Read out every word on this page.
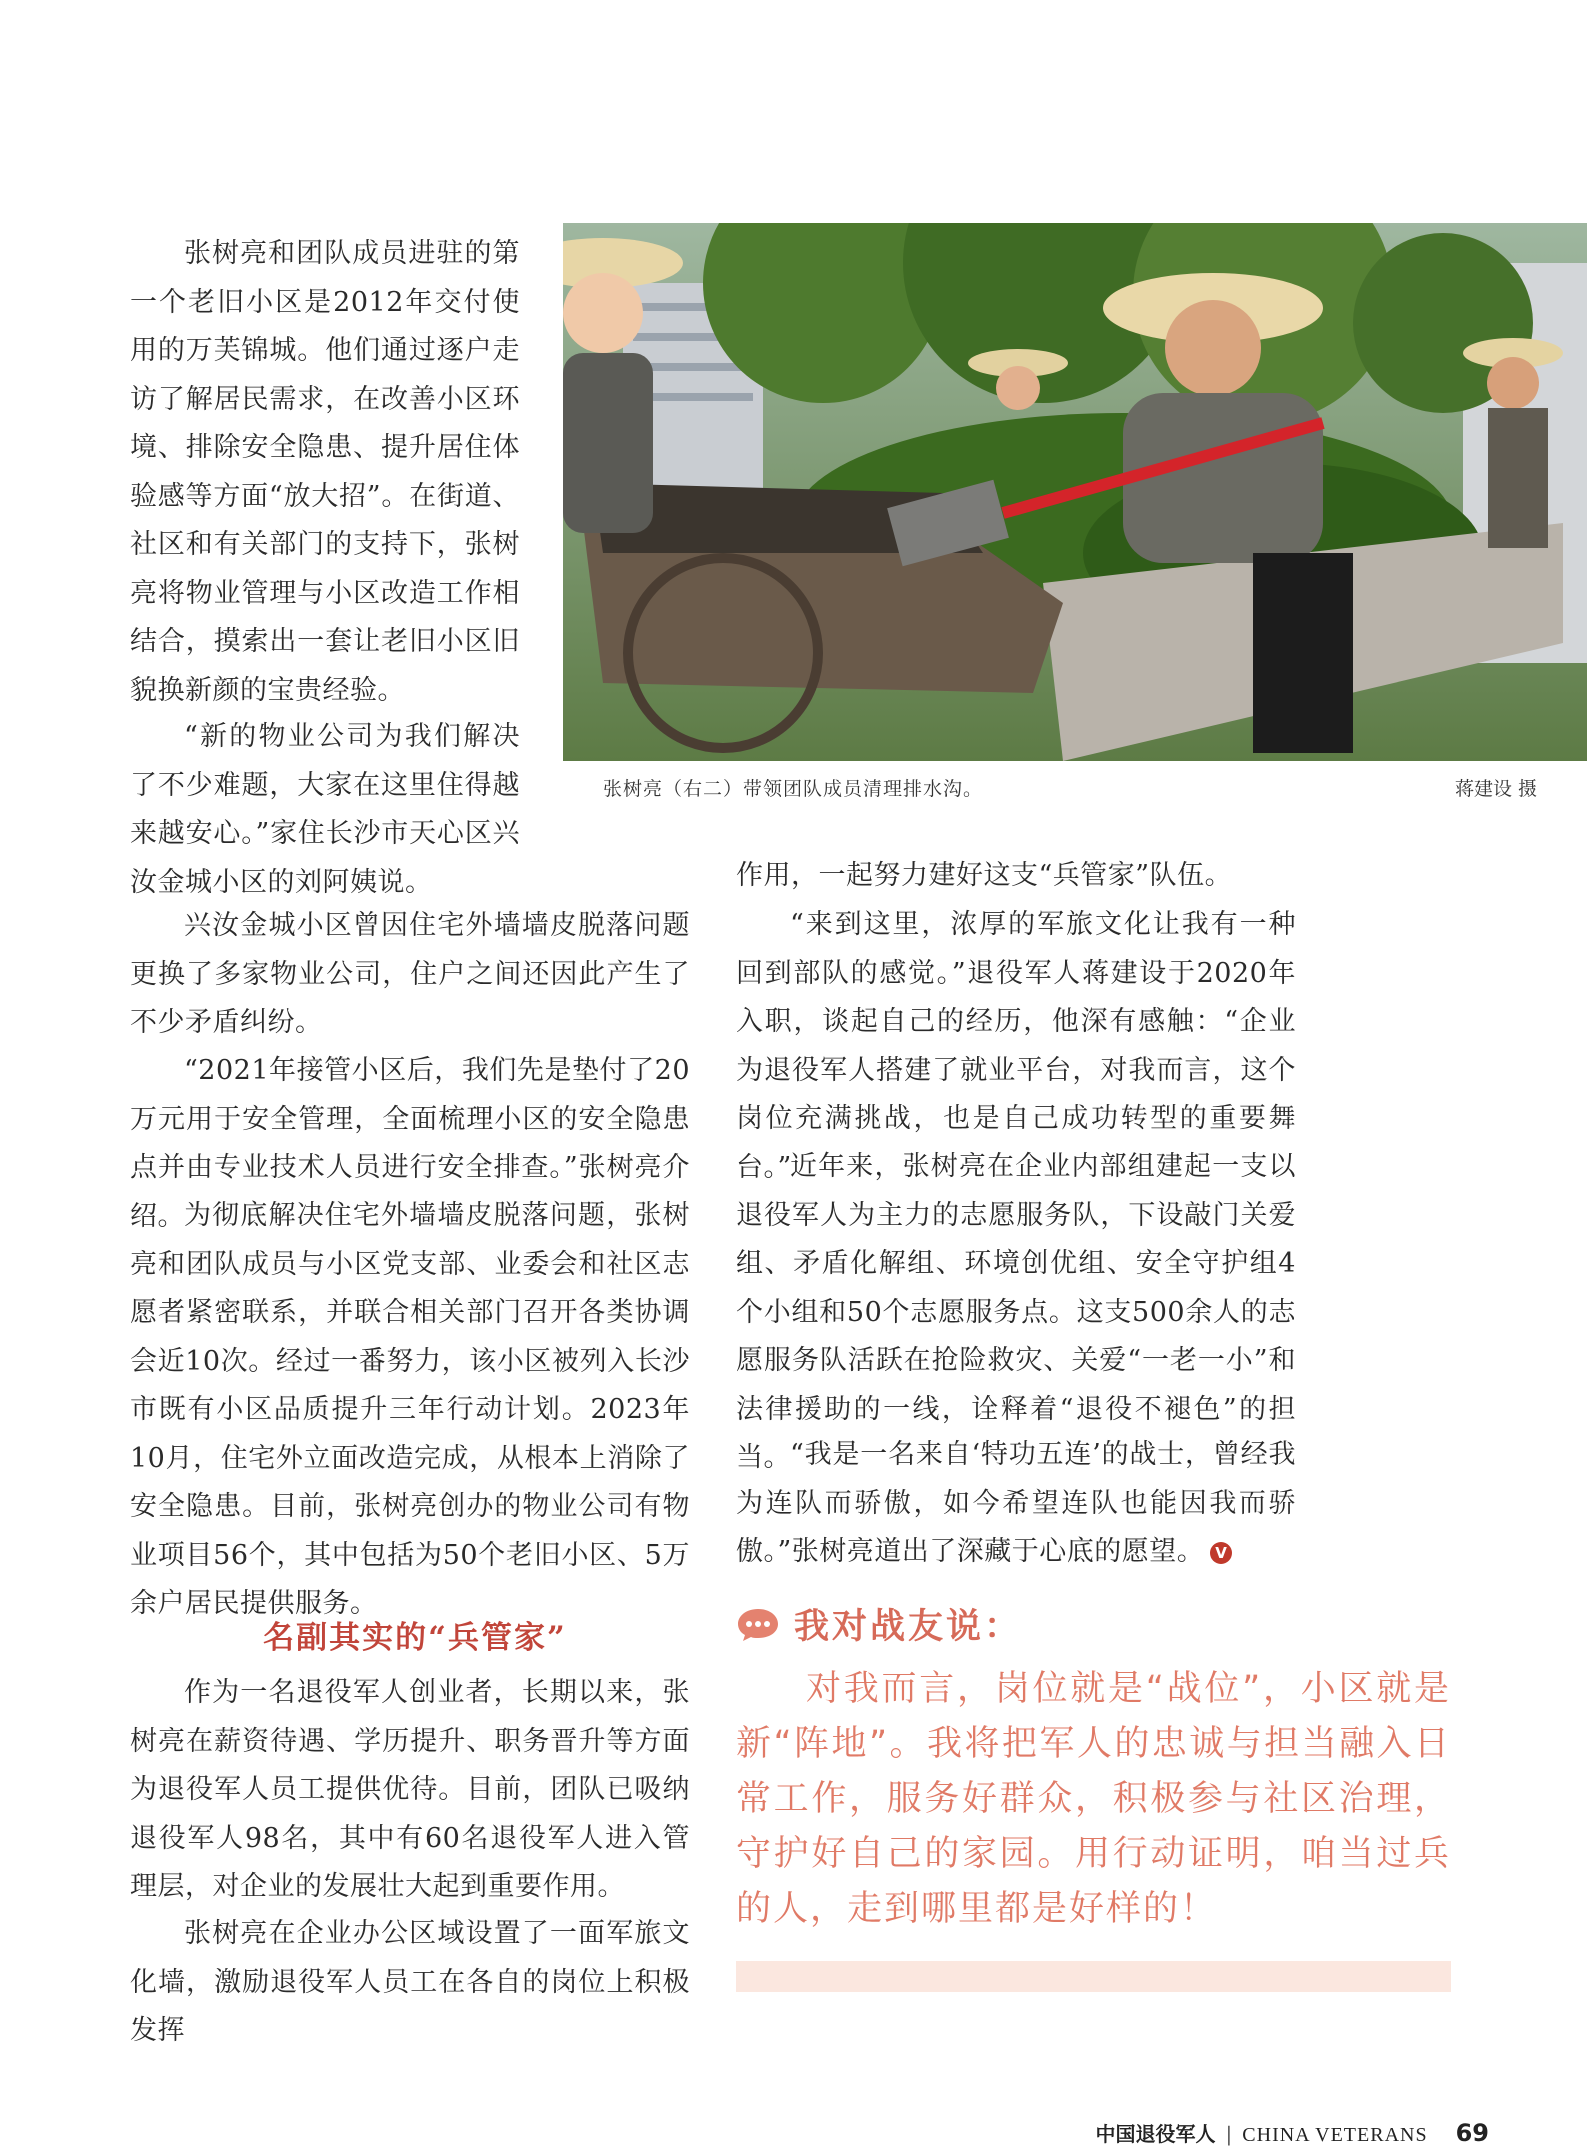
张树亮和团队成员进驻的第一个老旧小区是2012年交付使用的万芙锦城。他们通过逐户走访了解居民需求，在改善小区环境、排除安全隐患、提升居住体验感等方面“放大招”。在街道、社区和有关部门的支持下，张树亮将物业管理与小区改造工作相结合，摸索出一套让老旧小区旧貌换新颜的宝贵经验。

“新的物业公司为我们解决了不少难题，大家在这里住得越来越安心。”家住长沙市天心区兴汝金城小区的刘阿姨说。

兴汝金城小区曾因住宅外墙墙皮脱落问题更换了多家物业公司，住户之间还因此产生了不少矛盾纠纷。

“2021年接管小区后，我们先是垫付了20万元用于安全管理，全面梳理小区的安全隐患点并由专业技术人员进行安全排查。”张树亮介绍。 为彻底解决住宅外墙墙皮脱落问题，张树亮和团队成员与小区党支部、业委会和社区志愿者紧密联系，并联合相关部门召开各类协调会近10次。经过一番努力，该小区被列入长沙市既有小区品质提升三年行动计划。2023年10月，住宅外立面改造完成，从根本上消除了安全隐患。目前，张树亮创办的物业公司有物业项目56个，其中包括为50个老旧小区、5万余户居民提供服务。

名副其实的“兵管家”

作为一名退役军人创业者，长期以来，张树亮在薪资待遇、学历提升、职务晋升等方面为退役军人员工提供优待。目前，团队已吸纳退役军人98名，其中有60名退役军人进入管理层，对企业的发展壮大起到重要作用。

张树亮在企业办公区域设置了一面军旅文化墙，激励退役军人员工在各自的岗位上积极发挥

张树亮（右二）带领团队成员清理排水沟。	蒋建设 摄

作用，一起努力建好这支“兵管家”队伍。

“来到这里，浓厚的军旅文化让我有一种回到部队的感觉。”退役军人蒋建设于2020年入职，谈起自己的经历，他深有感触：“企业为退役军人搭建了就业平台，对我而言，这个岗位充满挑战，也是自己成功转型的重要舞台。”

近年来，张树亮在企业内部组建起一支以退役军人为主力的志愿服务队，下设敲门关爱组、矛盾化解组、环境创优组、安全守护组4个小组和50个志愿服务点。这支500余人的志愿服务队活跃在抢险救灾、关爱“一老一小”和法律援助的一线，诠释着“退役不褪色”的担当。 “我是一名来自‘特功五连’的战士，曾经我为连队而骄傲，如今希望连队也能因我而骄傲。”张树亮道出了深藏于心底的愿望。 V

我对战友说：

对我而言，岗位就是“战位”，小区就是新“阵地”。我将把军人的忠诚与担当融入日常工作，服务好群众，积极参与社区治理，守护好自己的家园。用行动证明，咱当过兵的人，走到哪里都是好样的！

中国退役军人 | CHINA VETERANS 69
